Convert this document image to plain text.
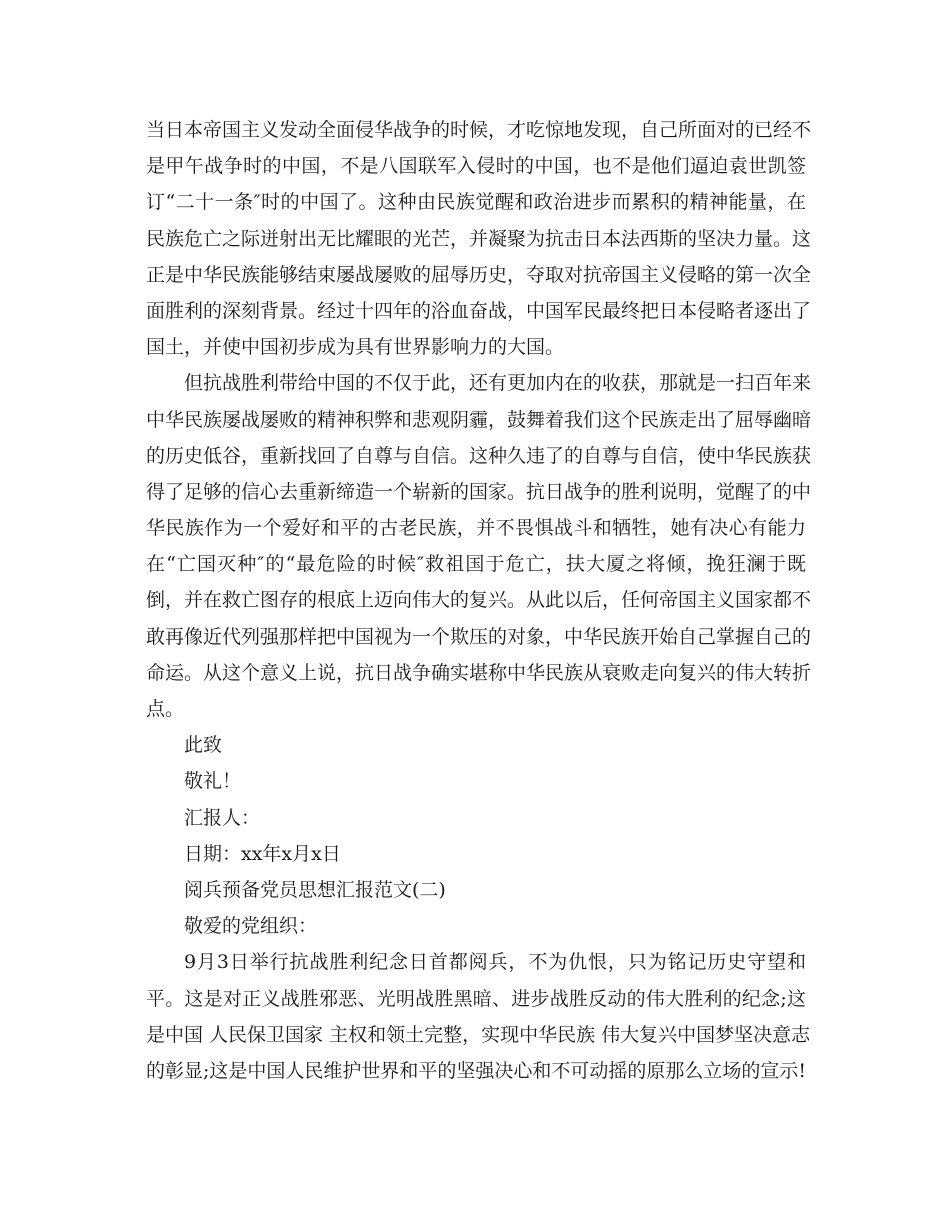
当日本帝国主义发动全面侵华战争的时候，才吃惊地发现，自己所面对的已经不
是甲午战争时的中国，不是八国联军入侵时的中国，也不是他们逼迫袁世凯签
订“二十一条″时的中国了。这种由民族觉醒和政治进步而累积的精神能量，在
民族危亡之际迸射出无比耀眼的光芒，并凝聚为抗击日本法西斯的坚决力量。这
正是中华民族能够结束屡战屡败的屈辱历史，夺取对抗帝国主义侵略的第一次全
面胜利的深刻背景。经过十四年的浴血奋战，中国军民最终把日本侵略者逐出了
国土，并使中国初步成为具有世界影响力的大国。
但抗战胜利带给中国的不仅于此，还有更加内在的收获，那就是一扫百年来
中华民族屡战屡败的精神积弊和悲观阴霾，鼓舞着我们这个民族走出了屈辱幽暗
的历史低谷，重新找回了自尊与自信。这种久违了的自尊与自信，使中华民族获
得了足够的信心去重新缔造一个崭新的国家。抗日战争的胜利说明，觉醒了的中
华民族作为一个爱好和平的古老民族，并不畏惧战斗和牺牲，她有决心有能力
在“亡国灭种″的“最危险的时候″救祖国于危亡，扶大厦之将倾，挽狂澜于既
倒，并在救亡图存的根底上迈向伟大的复兴。从此以后，任何帝国主义国家都不
敢再像近代列强那样把中国视为一个欺压的对象，中华民族开始自己掌握自己的
命运。从这个意义上说，抗日战争确实堪称中华民族从衰败走向复兴的伟大转折
点。
此致
敬礼！
汇报人：
日期：xx年x月x日
阅兵预备党员思想汇报范文(二)
敬爱的党组织：
9月3日举行抗战胜利纪念日首都阅兵，不为仇恨，只为铭记历史守望和
平。这是对正义战胜邪恶、光明战胜黑暗、进步战胜反动的伟大胜利的纪念;这
是中国 人民保卫国家 主权和领土完整，实现中华民族 伟大复兴中国梦坚决意志
的彰显;这是中国人民维护世界和平的坚强决心和不可动摇的原那么立场的宣示!
